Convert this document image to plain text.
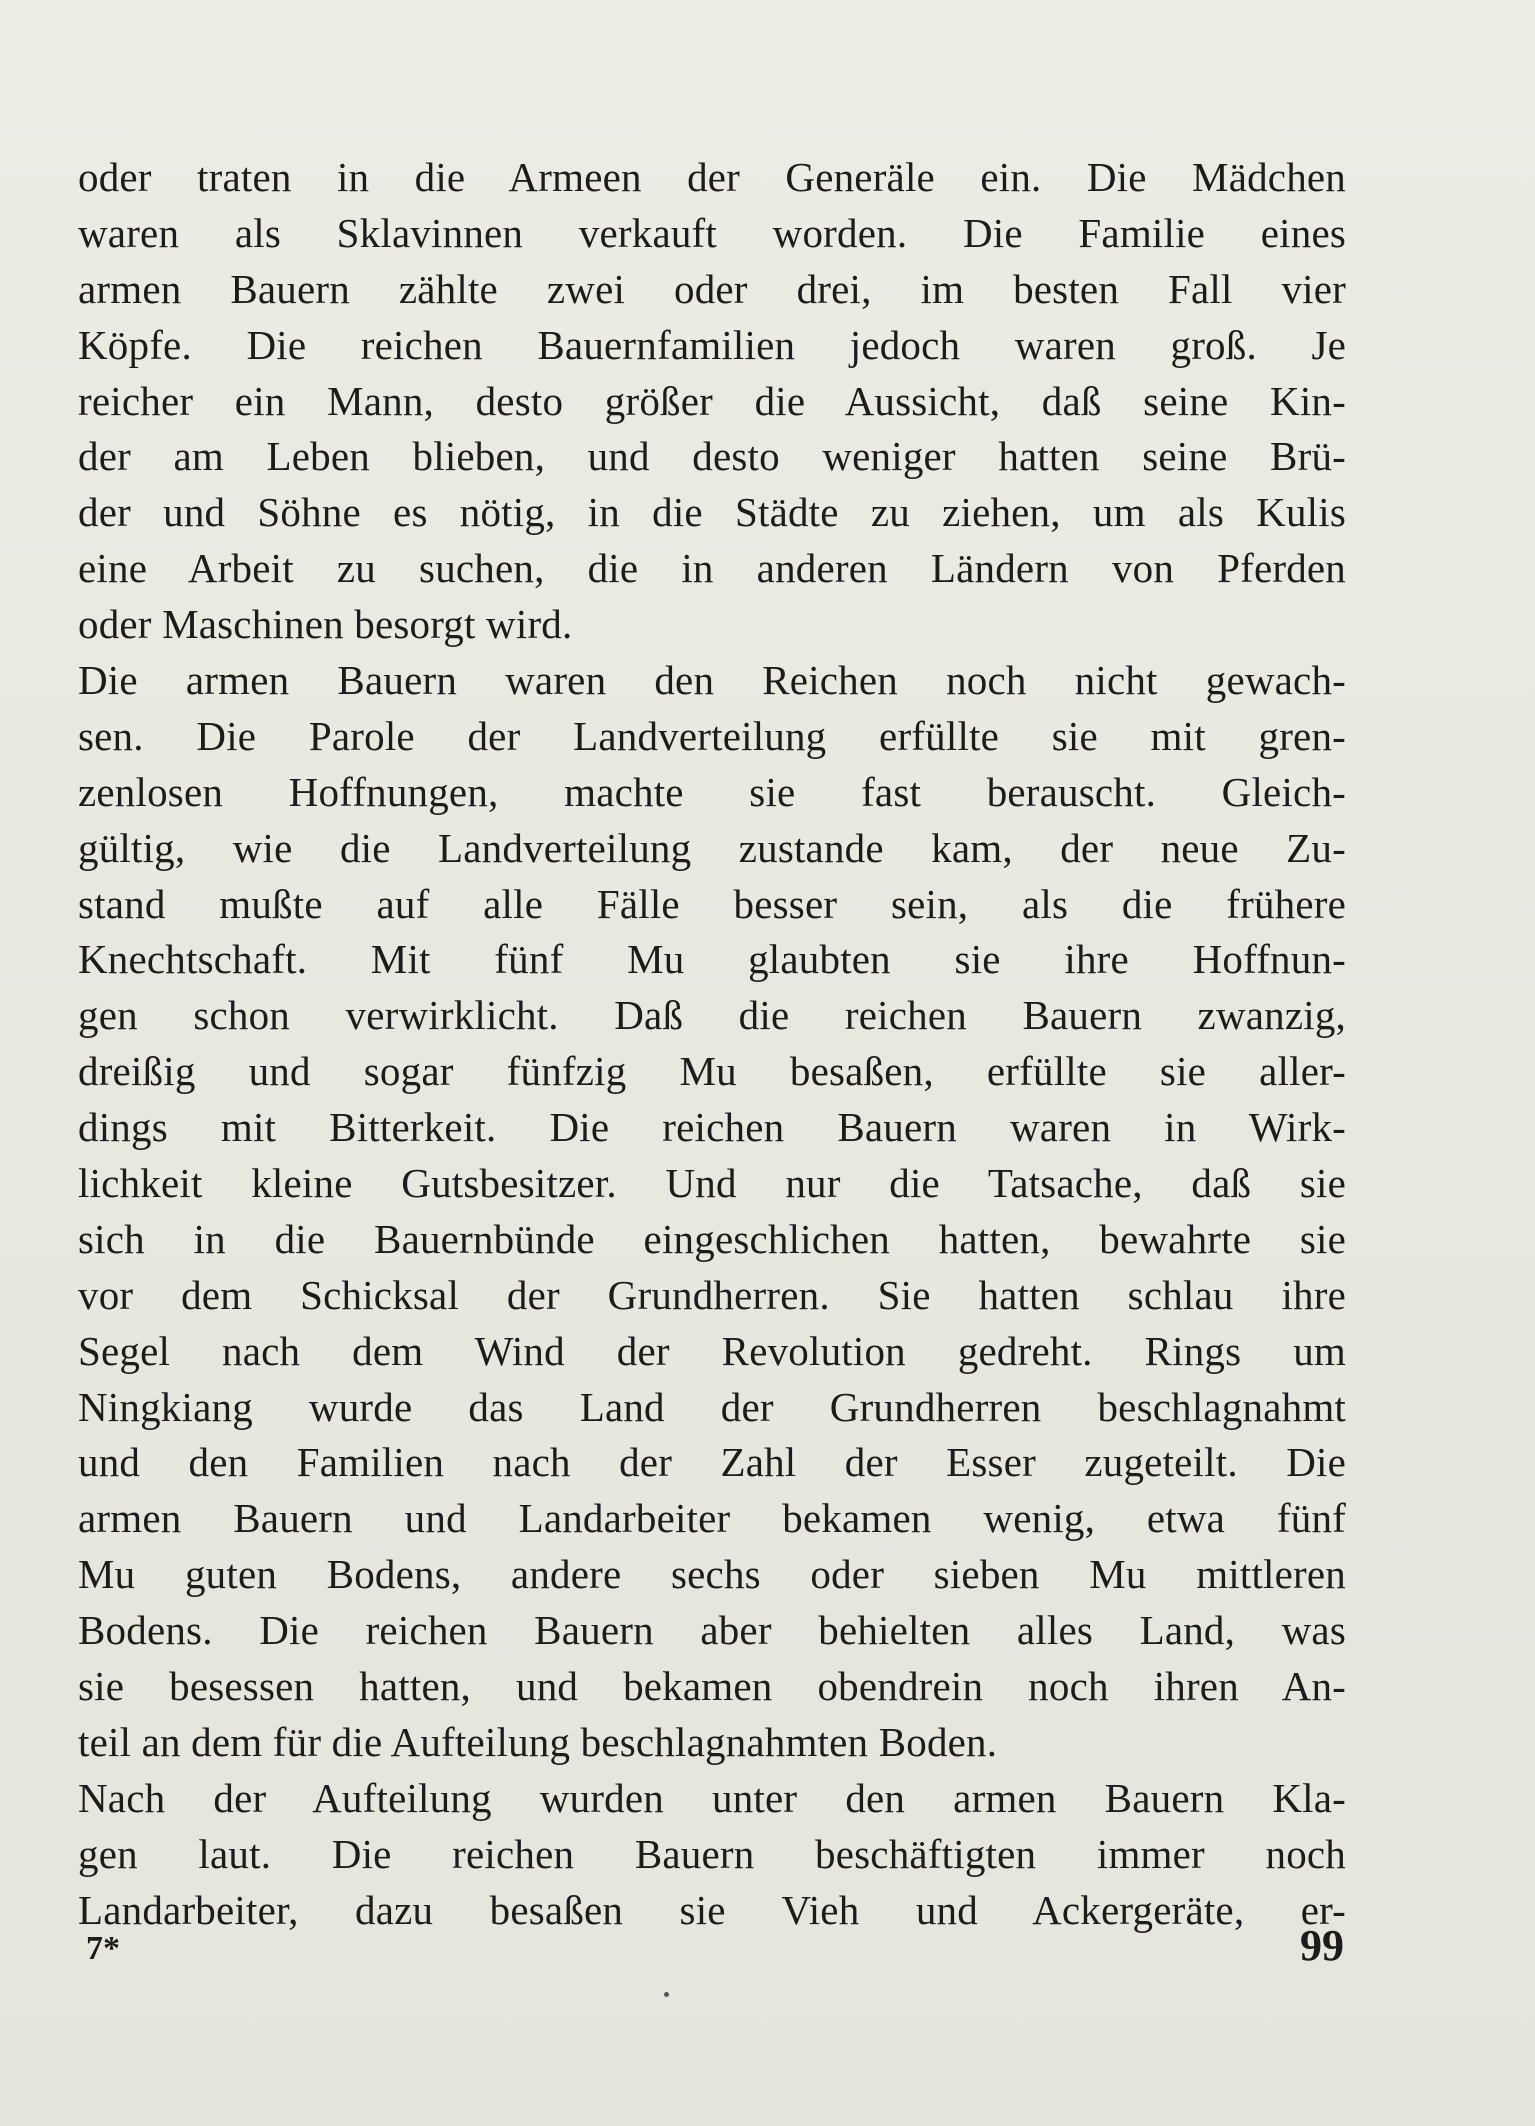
oder traten in die Armeen der Generäle ein. Die Mädchen
waren als Sklavinnen verkauft worden. Die Familie eines
armen Bauern zählte zwei oder drei, im besten Fall vier
Köpfe. Die reichen Bauernfamilien jedoch waren groß. Je
reicher ein Mann, desto größer die Aussicht, daß seine Kin-
der am Leben blieben, und desto weniger hatten seine Brü-
der und Söhne es nötig, in die Städte zu ziehen, um als Kulis
eine Arbeit zu suchen, die in anderen Ländern von Pferden
oder Maschinen besorgt wird.
Die armen Bauern waren den Reichen noch nicht gewach-
sen. Die Parole der Landverteilung erfüllte sie mit gren-
zenlosen Hoffnungen, machte sie fast berauscht. Gleich-
gültig, wie die Landverteilung zustande kam, der neue Zu-
stand mußte auf alle Fälle besser sein, als die frühere
Knechtschaft. Mit fünf Mu glaubten sie ihre Hoffnun-
gen schon verwirklicht. Daß die reichen Bauern zwanzig,
dreißig und sogar fünfzig Mu besaßen, erfüllte sie aller-
dings mit Bitterkeit. Die reichen Bauern waren in Wirk-
lichkeit kleine Gutsbesitzer. Und nur die Tatsache, daß sie
sich in die Bauernbünde eingeschlichen hatten, bewahrte sie
vor dem Schicksal der Grundherren. Sie hatten schlau ihre
Segel nach dem Wind der Revolution gedreht. Rings um
Ningkiang wurde das Land der Grundherren beschlagnahmt
und den Familien nach der Zahl der Esser zugeteilt. Die
armen Bauern und Landarbeiter bekamen wenig, etwa fünf
Mu guten Bodens, andere sechs oder sieben Mu mittleren
Bodens. Die reichen Bauern aber behielten alles Land, was
sie besessen hatten, und bekamen obendrein noch ihren An-
teil an dem für die Aufteilung beschlagnahmten Boden.
Nach der Aufteilung wurden unter den armen Bauern Kla-
gen laut. Die reichen Bauern beschäftigten immer noch
Landarbeiter, dazu besaßen sie Vieh und Ackergeräte, er-
7*	99
